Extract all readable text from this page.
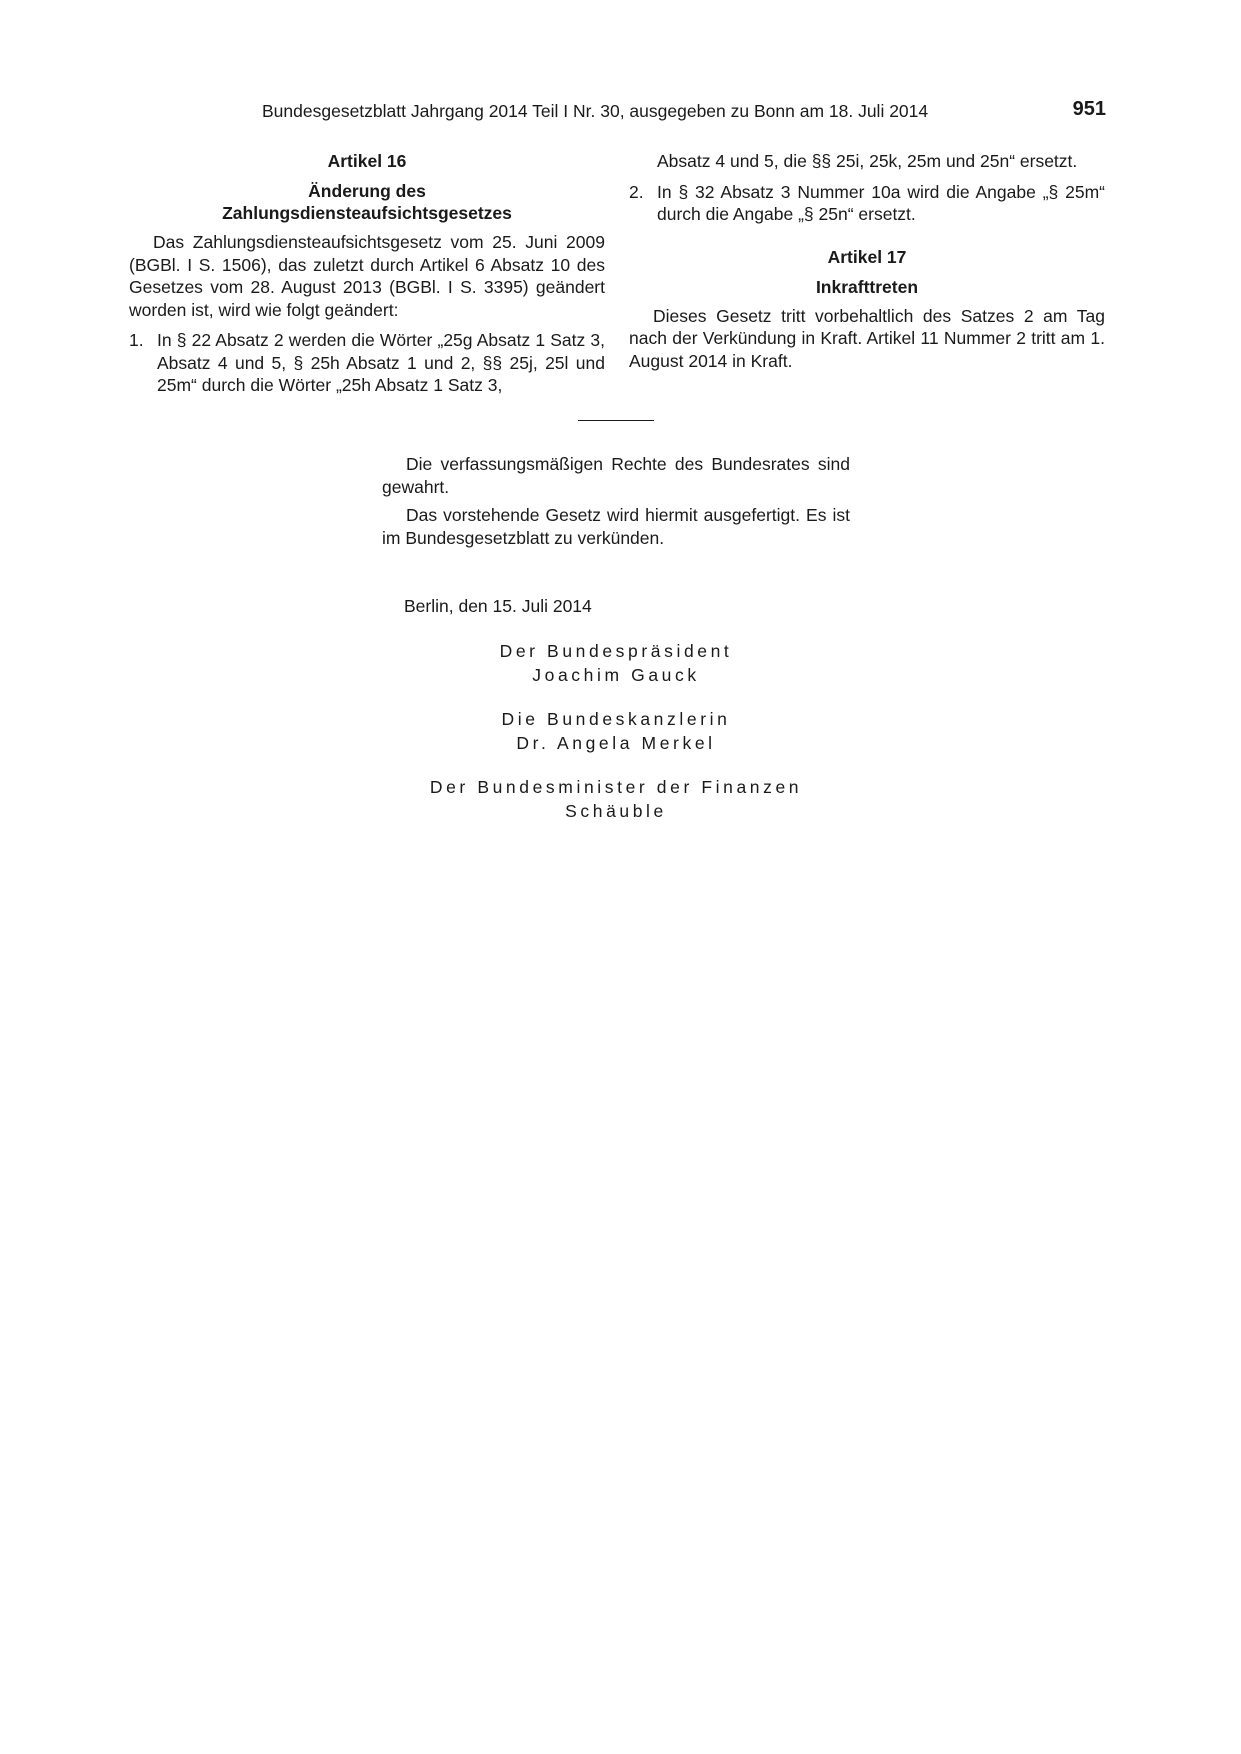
Bundesgesetzblatt Jahrgang 2014 Teil I Nr. 30, ausgegeben zu Bonn am 18. Juli 2014	951
Artikel 16
Änderung des
Zahlungsdiensteaufsichtsgesetzes

Das Zahlungsdiensteaufsichtsgesetz vom 25. Juni 2009 (BGBl. I S. 1506), das zuletzt durch Artikel 6 Absatz 10 des Gesetzes vom 28. August 2013 (BGBl. I S. 3395) geändert worden ist, wird wie folgt geändert:

1. In § 22 Absatz 2 werden die Wörter „25g Absatz 1 Satz 3, Absatz 4 und 5, § 25h Absatz 1 und 2, §§ 25j, 25l und 25m“ durch die Wörter „25h Absatz 1 Satz 3,
Absatz 4 und 5, die §§ 25i, 25k, 25m und 25n“ ersetzt.
2. In § 32 Absatz 3 Nummer 10a wird die Angabe „§ 25m“ durch die Angabe „§ 25n“ ersetzt.
Artikel 17
Inkrafttreten

Dieses Gesetz tritt vorbehaltlich des Satzes 2 am Tag nach der Verkündung in Kraft. Artikel 11 Nummer 2 tritt am 1. August 2014 in Kraft.

Die verfassungsmäßigen Rechte des Bundesrates sind gewahrt.

Das vorstehende Gesetz wird hiermit ausgefertigt. Es ist im Bundesgesetzblatt zu verkünden.

Berlin, den 15. Juli 2014
Der Bundespräsident
Joachim Gauck
Die Bundeskanzlerin
Dr. Angela Merkel
Der Bundesminister der Finanzen
Schäuble
